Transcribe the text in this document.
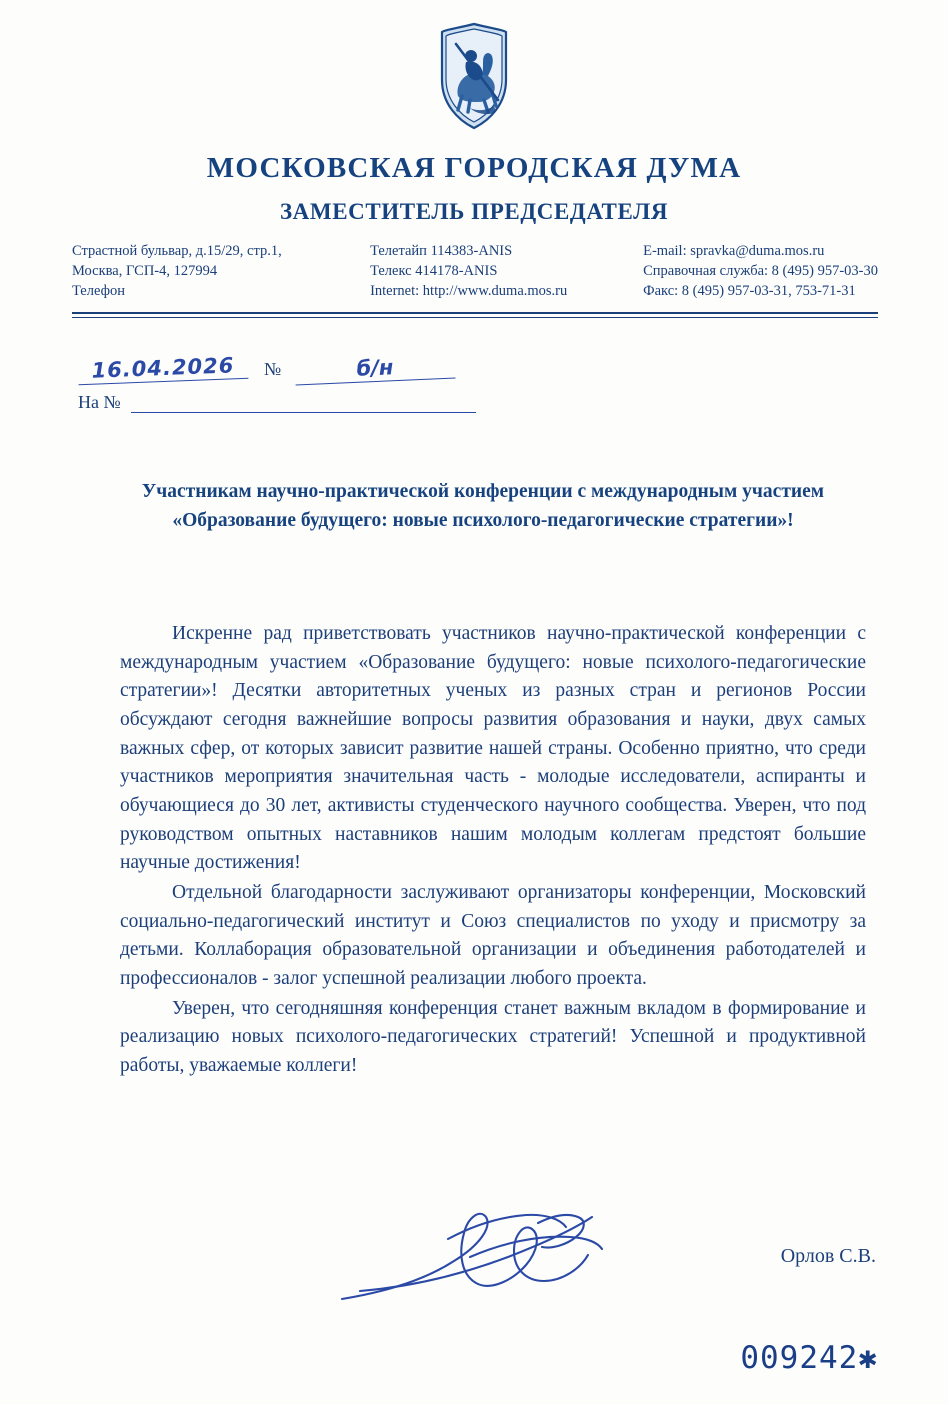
МОСКОВСКАЯ ГОРОДСКАЯ ДУМА
ЗАМЕСТИТЕЛЬ ПРЕДСЕДАТЕЛЯ
Страстной бульвар, д.15/29, стр.1,
Москва, ГСП-4, 127994
Телефон
Телетайп 114383-ANIS
Телекс 414178-ANIS
Internet: http://www.duma.mos.ru
E-mail: spravka@duma.mos.ru
Справочная служба: 8 (495) 957-03-30
Факс: 8 (495) 957-03-31, 753-71-31
16.04.2026	№	б/н
На №
Участникам научно-практической конференции с международным участием «Образование будущего: новые психолого-педагогические стратегии»!

Искренне рад приветствовать участников научно-практической конференции с международным участием «Образование будущего: новые психолого-педагогические стратегии»! Десятки авторитетных ученых из разных стран и регионов России обсуждают сегодня важнейшие вопросы развития образования и науки, двух самых важных сфер, от которых зависит развитие нашей страны. Особенно приятно, что среди участников мероприятия значительная часть - молодые исследователи, аспиранты и обучающиеся до 30 лет, активисты студенческого научного сообщества. Уверен, что под руководством опытных наставников нашим молодым коллегам предстоят большие научные достижения!

Отдельной благодарности заслуживают организаторы конференции, Московский социально-педагогический институт и Союз специалистов по уходу и присмотру за детьми. Коллаборация образовательной организации и объединения работодателей и профессионалов - залог успешной реализации любого проекта.

Уверен, что сегодняшняя конференция станет важным вкладом в формирование и реализацию новых психолого-педагогических стратегий! Успешной и продуктивной работы, уважаемые коллеги!

Орлов С.В.
009242✱
